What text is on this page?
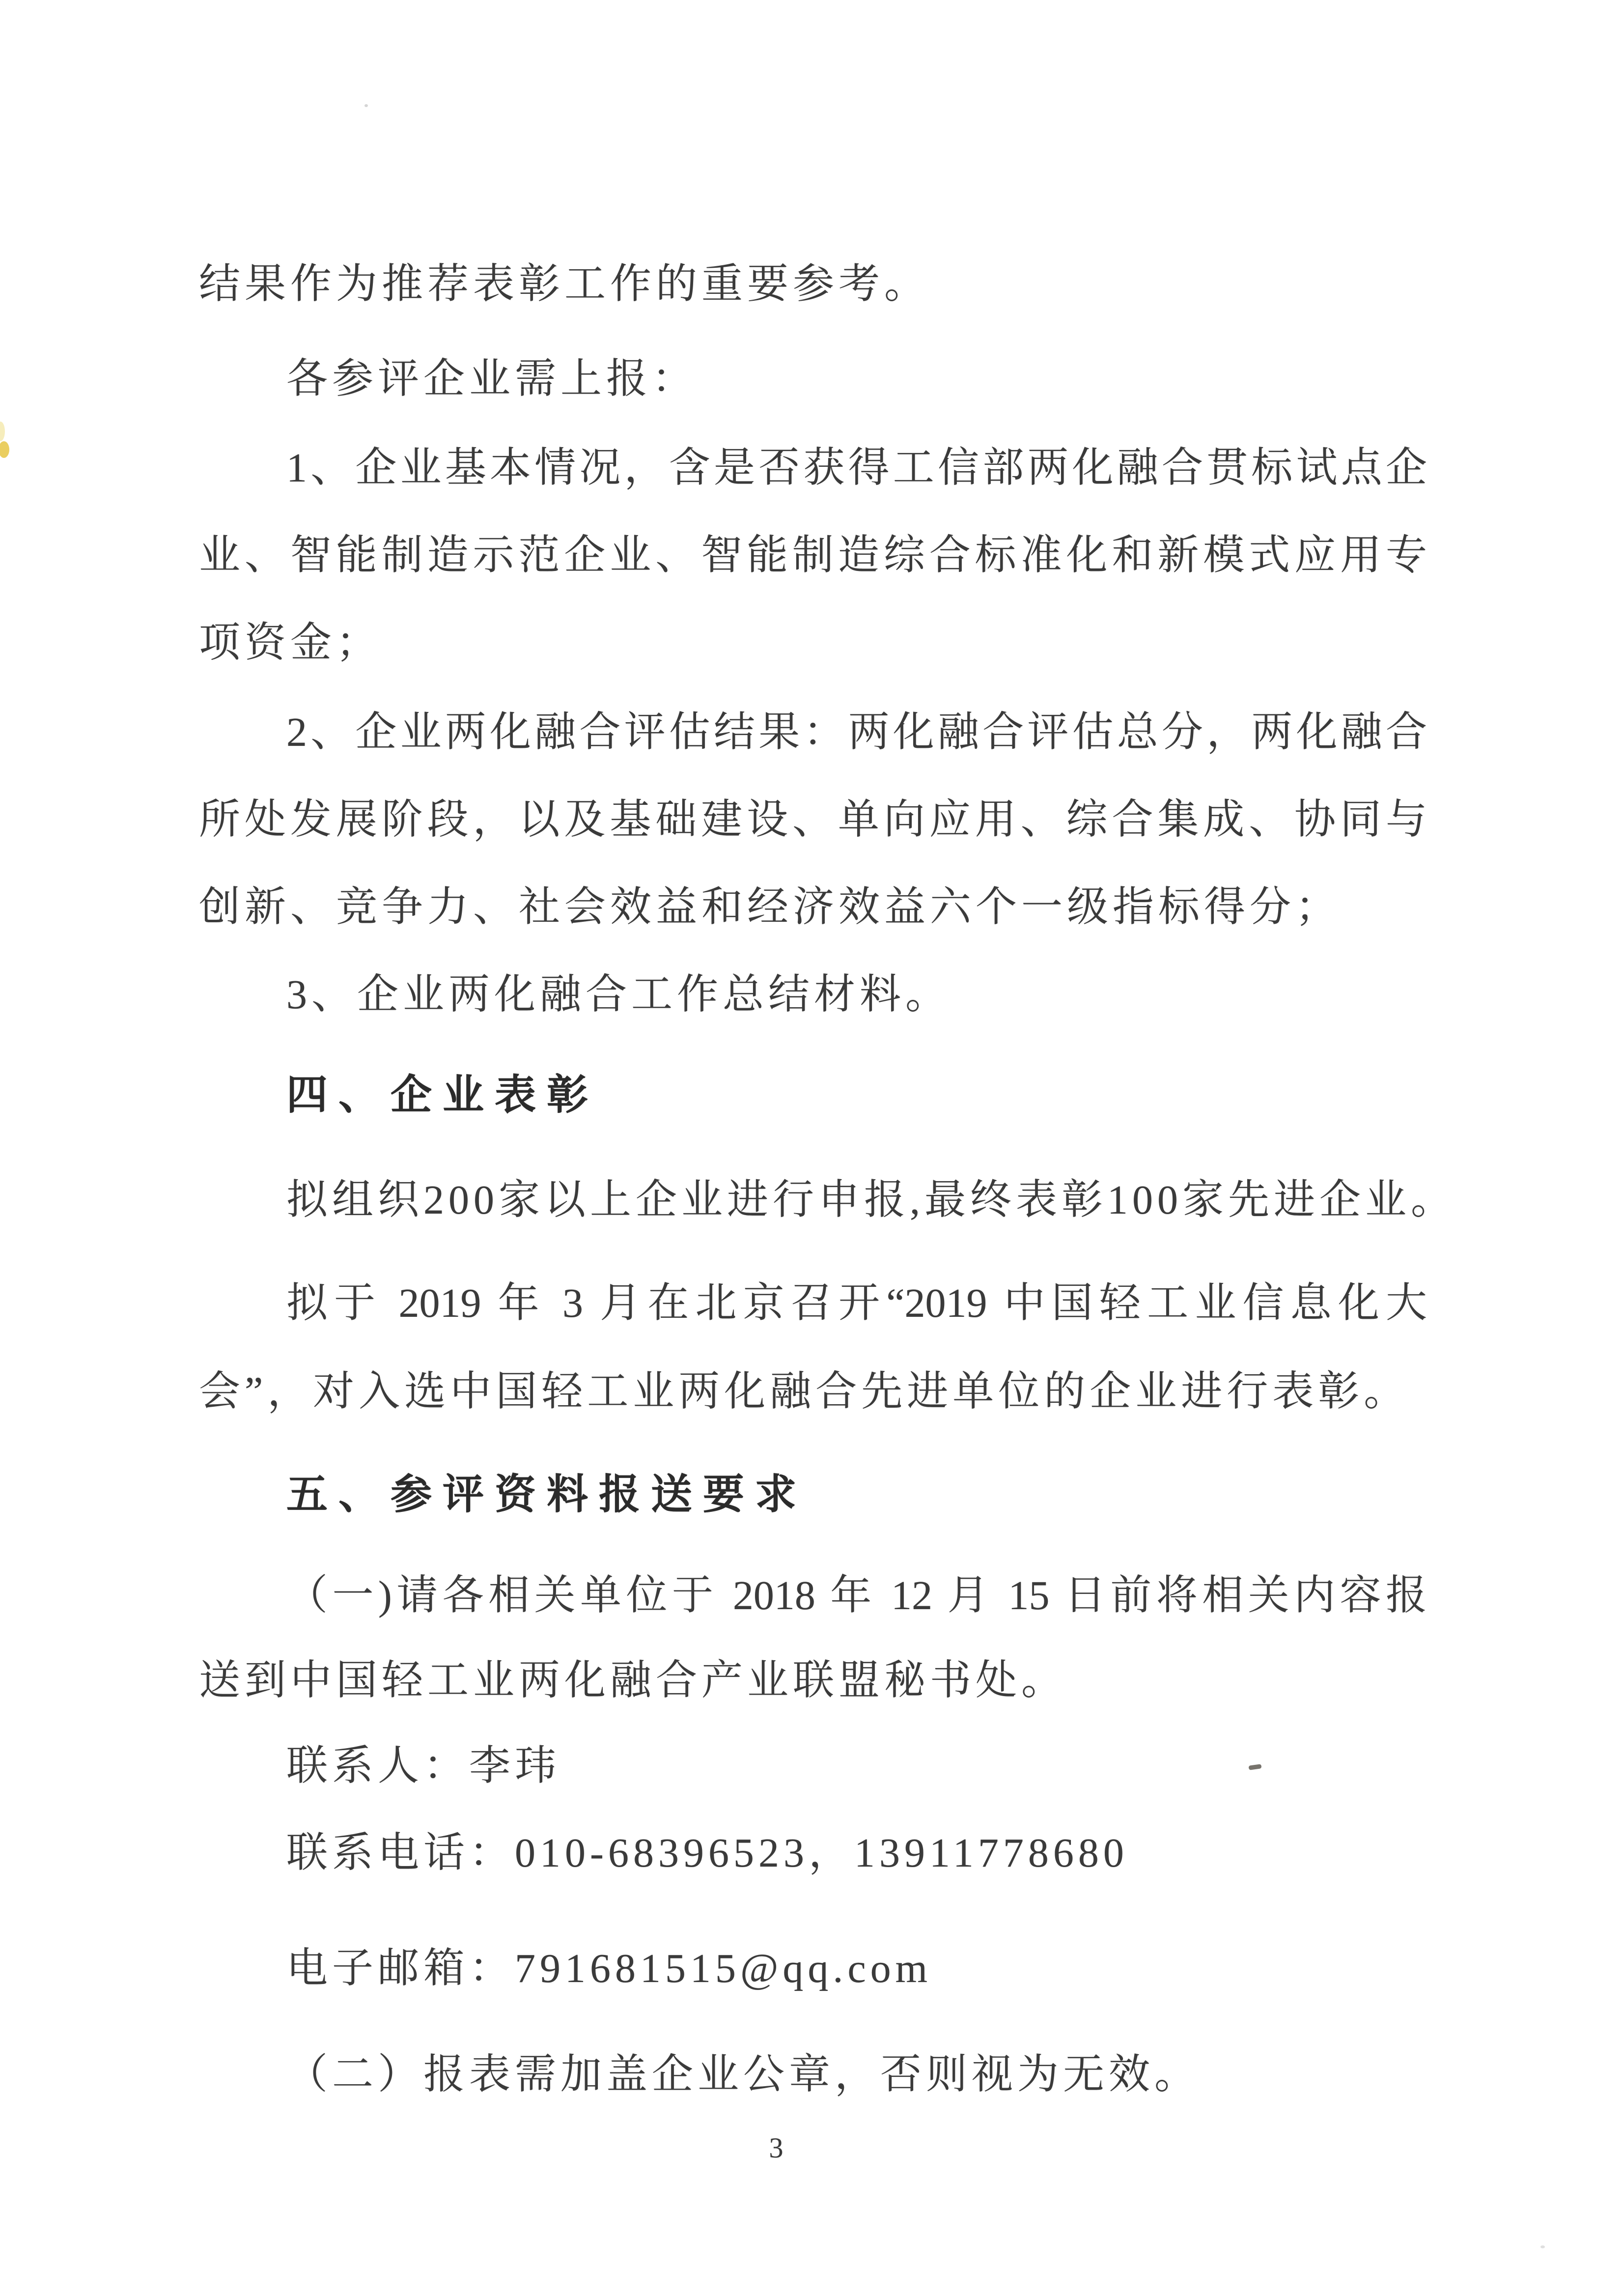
结果作为推荐表彰工作的重要参考。
各参评企业需上报：
1、企业基本情况，含是否获得工信部两化融合贯标试点企
业、智能制造示范企业、智能制造综合标准化和新模式应用专
项资金；
2、企业两化融合评估结果：两化融合评估总分，两化融合
所处发展阶段，以及基础建设、单向应用、综合集成、协同与
创新、竞争力、社会效益和经济效益六个一级指标得分；
3、企业两化融合工作总结材料。
四、企业表彰
拟组织200家以上企业进行申报,最终表彰100家先进企业。
拟于 2019 年 3 月在北京召开“2019 中国轻工业信息化大
会”，对入选中国轻工业两化融合先进单位的企业进行表彰。
五、参评资料报送要求
（一)请各相关单位于 2018 年 12 月 15 日前将相关内容报
送到中国轻工业两化融合产业联盟秘书处。
联系人：李玮
联系电话：010-68396523，13911778680
电子邮箱：791681515@qq.com
（二）报表需加盖企业公章，否则视为无效。
3
